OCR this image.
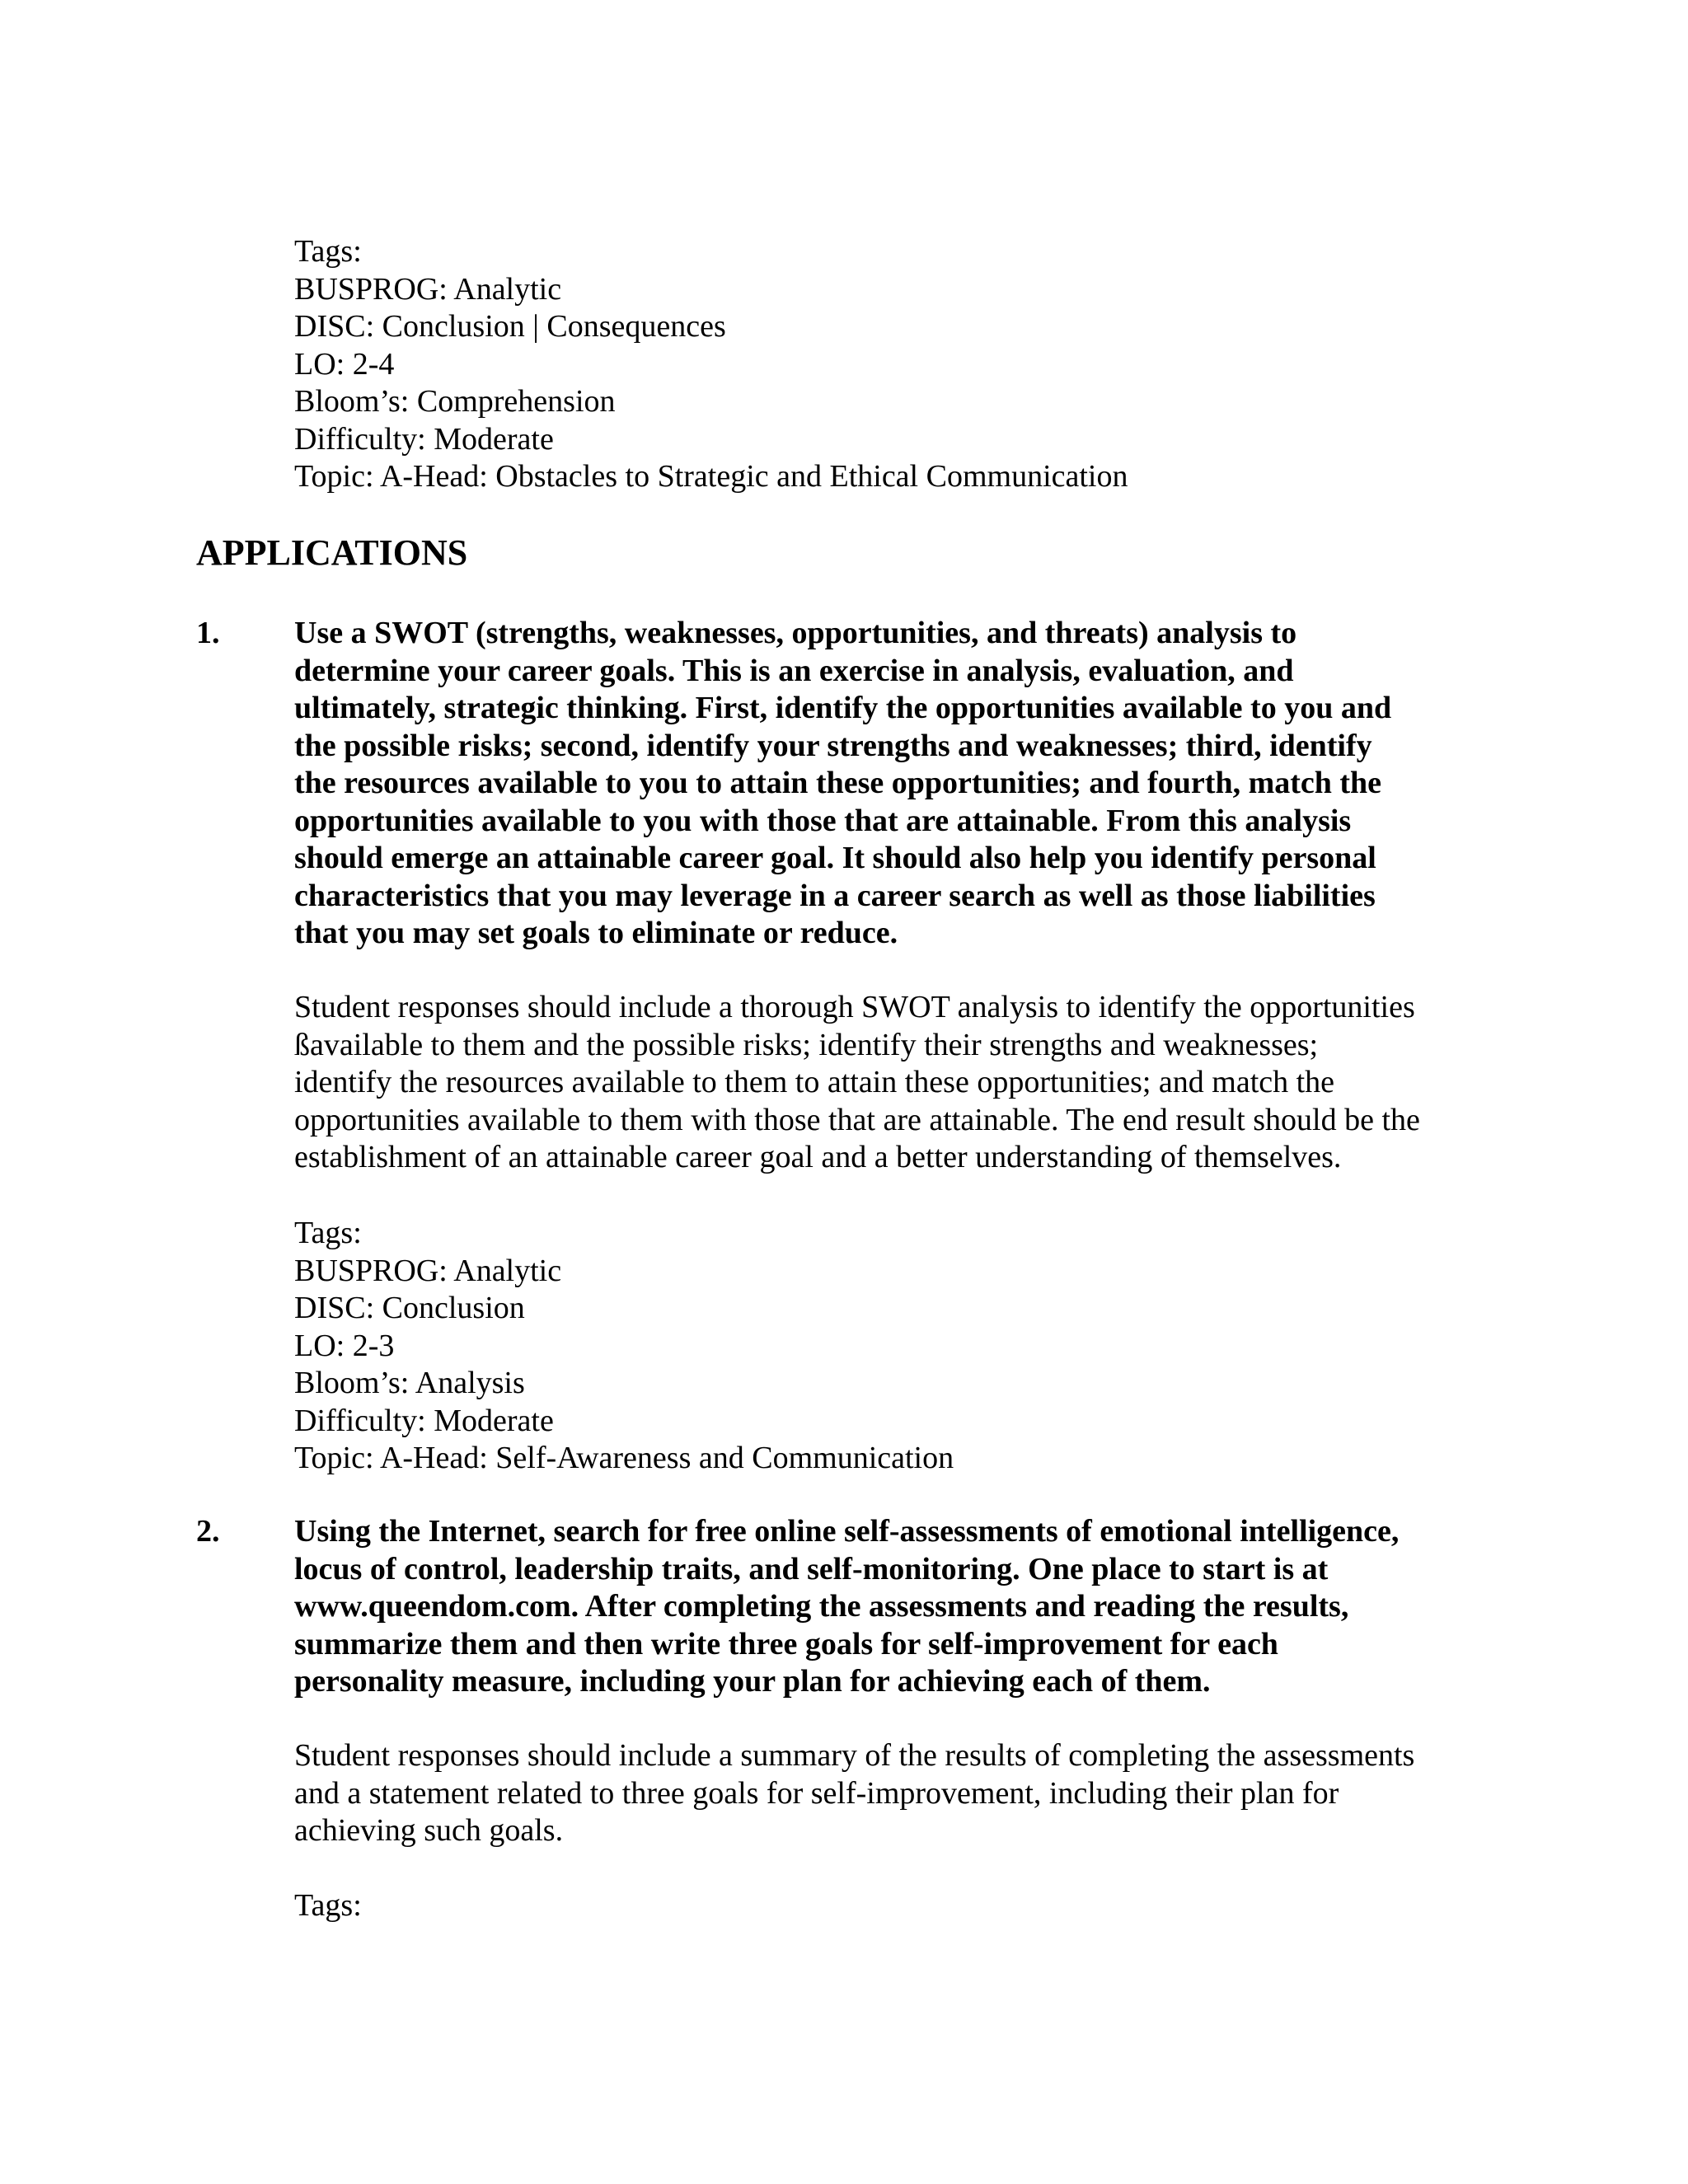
Tags:
BUSPROG: Analytic
DISC: Conclusion | Consequences
LO: 2-4
Bloom’s: Comprehension
Difficulty: Moderate
Topic: A-Head: Obstacles to Strategic and Ethical Communication
APPLICATIONS
1. Use a SWOT (strengths, weaknesses, opportunities, and threats) analysis to
determine your career goals. This is an exercise in analysis, evaluation, and
ultimately, strategic thinking. First, identify the opportunities available to you and
the possible risks; second, identify your strengths and weaknesses; third, identify
the resources available to you to attain these opportunities; and fourth, match the
opportunities available to you with those that are attainable. From this analysis
should emerge an attainable career goal. It should also help you identify personal
characteristics that you may leverage in a career search as well as those liabilities
that you may set goals to eliminate or reduce.
Student responses should include a thorough SWOT analysis to identify the opportunities
ßavailable to them and the possible risks; identify their strengths and weaknesses;
identify the resources available to them to attain these opportunities; and match the
opportunities available to them with those that are attainable. The end result should be the
establishment of an attainable career goal and a better understanding of themselves.
Tags:
BUSPROG: Analytic
DISC: Conclusion
LO: 2-3
Bloom’s: Analysis
Difficulty: Moderate
Topic: A-Head: Self-Awareness and Communication
2. Using the Internet, search for free online self-assessments of emotional intelligence,
locus of control, leadership traits, and self-monitoring. One place to start is at
www.queendom.com. After completing the assessments and reading the results,
summarize them and then write three goals for self-improvement for each
personality measure, including your plan for achieving each of them.
Student responses should include a summary of the results of completing the assessments
and a statement related to three goals for self-improvement, including their plan for
achieving such goals.
Tags:
